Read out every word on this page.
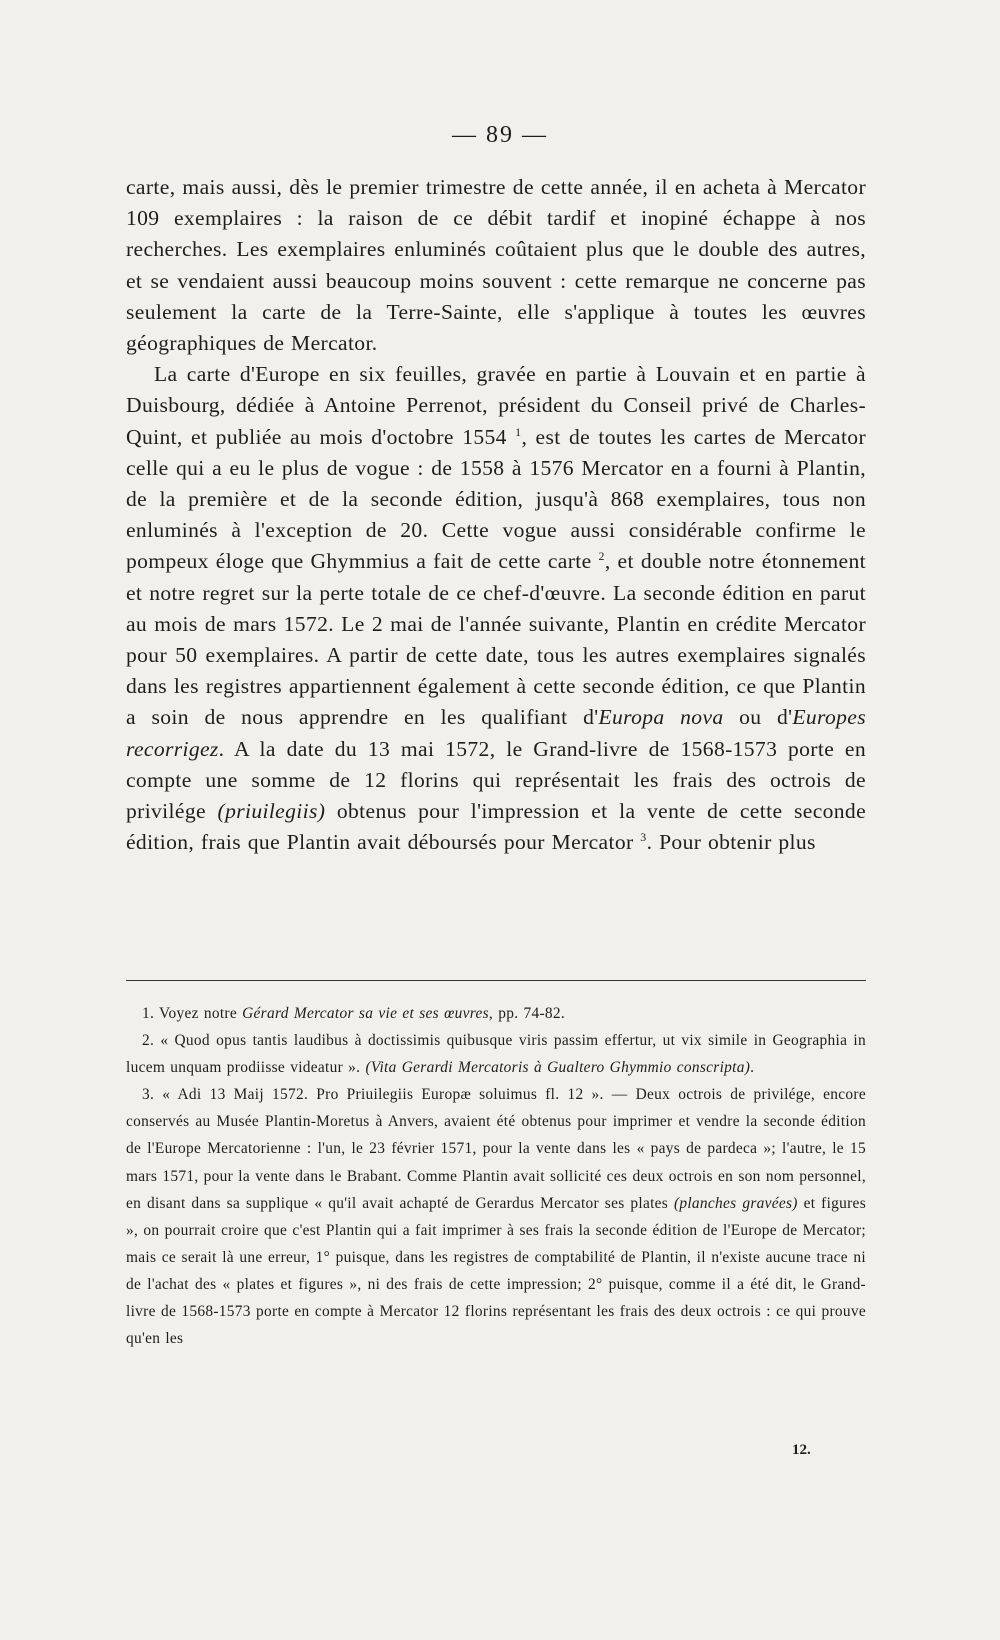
— 89 —

carte, mais aussi, dès le premier trimestre de cette année, il en acheta à Mercator 109 exemplaires : la raison de ce débit tardif et inopiné échappe à nos recherches. Les exemplaires enluminés coûtaient plus que le double des autres, et se vendaient aussi beaucoup moins souvent : cette remarque ne concerne pas seulement la carte de la Terre-Sainte, elle s'applique à toutes les œuvres géographiques de Mercator.

La carte d'Europe en six feuilles, gravée en partie à Louvain et en partie à Duisbourg, dédiée à Antoine Perrenot, président du Conseil privé de Charles-Quint, et publiée au mois d'octobre 1554 $^1$, est de toutes les cartes de Mercator celle qui a eu le plus de vogue : de 1558 à 1576 Mercator en a fourni à Plantin, de la première et de la seconde édition, jusqu'à 868 exemplaires, tous non enluminés à l'exception de 20. Cette vogue aussi considérable confirme le pompeux éloge que Ghymmius a fait de cette carte $^2$, et double notre étonnement et notre regret sur la perte totale de ce chef-d'œuvre. La seconde édition en parut au mois de mars 1572. Le 2 mai de l'année suivante, Plantin en crédite Mercator pour 50 exemplaires. A partir de cette date, tous les autres exemplaires signalés dans les registres appartiennent également à cette seconde édition, ce que Plantin a soin de nous apprendre en les qualifiant d'Europa nova ou d'Europes recorrigez. A la date du 13 mai 1572, le Grand-livre de 1568-1573 porte en compte une somme de 12 florins qui représentait les frais des octrois de privilége (priuilegiis) obtenus pour l'impression et la vente de cette seconde édition, frais que Plantin avait déboursés pour Mercator $^3$. Pour obtenir plus

1. Voyez notre Gérard Mercator sa vie et ses œuvres, pp. 74-82.

2. « Quod opus tantis laudibus à doctissimis quibusque viris passim effertur, ut vix simile in Geographia in lucem unquam prodiisse videatur ». (Vita Gerardi Mercatoris à Gualtero Ghymmio conscripta).

3. « Adi 13 Maij 1572. Pro Priuilegiis Europæ soluimus fl. 12 ». — Deux octrois de privilége, encore conservés au Musée Plantin-Moretus à Anvers, avaient été obtenus pour imprimer et vendre la seconde édition de l'Europe Mercatorienne : l'un, le 23 février 1571, pour la vente dans les « pays de pardeca »; l'autre, le 15 mars 1571, pour la vente dans le Brabant. Comme Plantin avait sollicité ces deux octrois en son nom personnel, en disant dans sa supplique « qu'il avait achapté de Gerardus Mercator ses plates (planches gravées) et figures », on pourrait croire que c'est Plantin qui a fait imprimer à ses frais la seconde édition de l'Europe de Mercator; mais ce serait là une erreur, 1° puisque, dans les registres de comptabilité de Plantin, il n'existe aucune trace ni de l'achat des « plates et figures », ni des frais de cette impression; 2° puisque, comme il a été dit, le Grand-livre de 1568-1573 porte en compte à Mercator 12 florins représentant les frais des deux octrois : ce qui prouve qu'en les

12.
